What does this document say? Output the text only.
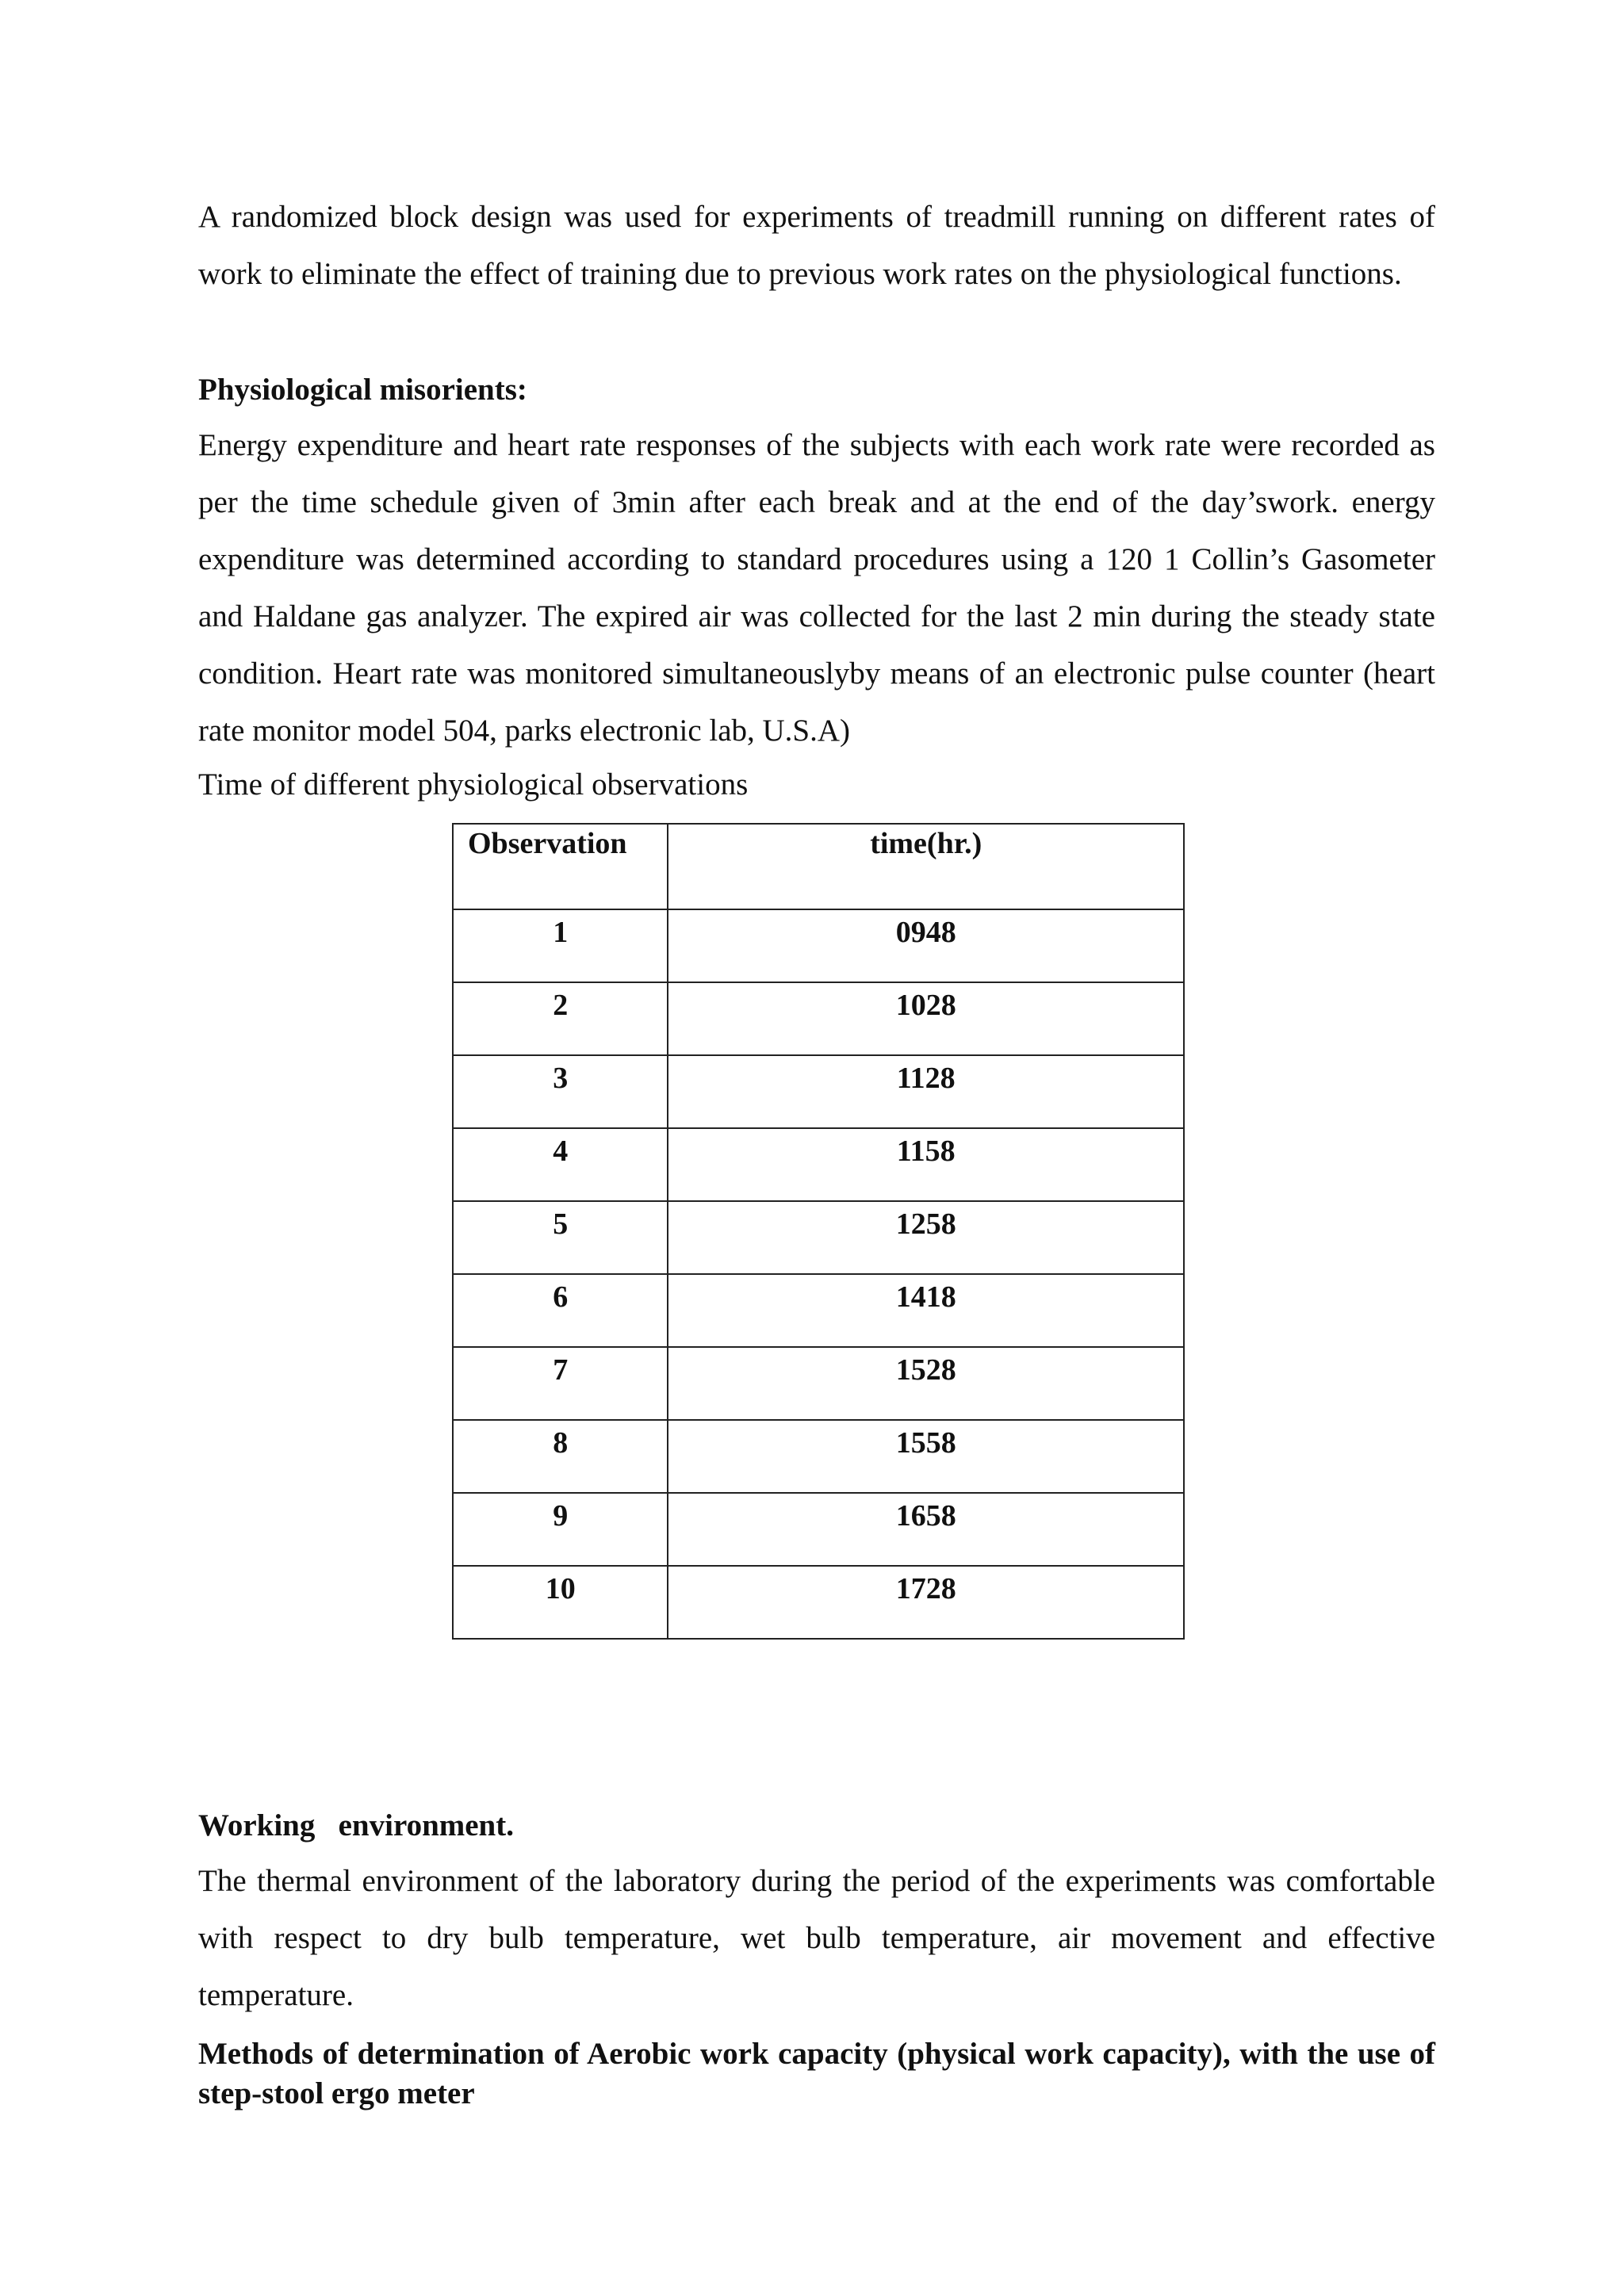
A randomized block design was used for experiments of treadmill running on different rates of work to eliminate the effect of training due to previous work rates on the physiological functions.

Physiological misorients:

Energy expenditure and heart rate responses of the subjects with each work rate were recorded as per the time schedule given of 3min after each break and at the end of the day’swork. energy expenditure was determined according to standard procedures using a 120 1 Collin’s Gasometer and Haldane gas analyzer. The expired air was collected for the last 2 min during the steady state condition. Heart rate was monitored simultaneouslyby means of an electronic pulse counter (heart rate monitor model 504, parks electronic lab, U.S.A)

Time of different physiological observations

Observation	time(hr.)

1	0948

2	1028

3	1128

4	1158

5	1258

6	1418

7	1528

8	1558

9	1658

10	1728

Working   environment.

The thermal environment of the laboratory during the period of the experiments was comfortable with respect to dry bulb temperature, wet bulb temperature, air movement and effective temperature.

Methods of determination of Aerobic work capacity (physical work capacity), with the use of step-stool ergo meter
